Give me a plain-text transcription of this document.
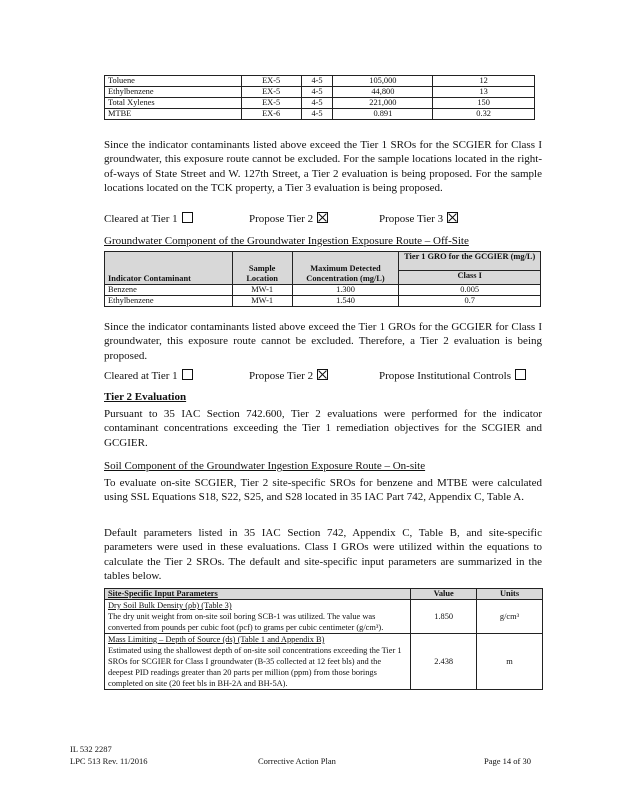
Toluene	EX-5	4-5	105,000	12
Ethylbenzene	EX-5	4-5	44,800	13
Total Xylenes	EX-5	4-5	221,000	150
MTBE	EX-6	4-5	0.891	0.32

Since the indicator contaminants listed above exceed the Tier 1 SROs for the SCGIER for Class I groundwater, this exposure route cannot be excluded. For the sample locations located in the right-of-ways of State Street and W. 127th Street, a Tier 2 evaluation is being proposed. For the sample locations located on the TCK property, a Tier 3 evaluation is being proposed.

Cleared at Tier 1	Propose Tier 2	Propose Tier 3
Groundwater Component of the Groundwater Ingestion Exposure Route – Off-Site
Indicator Contaminant	Sample Location	Maximum Detected Concentration (mg/L)	Tier 1 GRO for the GCGIER (mg/L)
			Class I
Benzene	MW-1	1.300	0.005
Ethylbenzene	MW-1	1.540	0.7

Since the indicator contaminants listed above exceed the Tier 1 GROs for the GCGIER for Class I groundwater, this exposure route cannot be excluded. Therefore, a Tier 2 evaluation is being proposed.

Cleared at Tier 1	Propose Tier 2	Propose Institutional Controls
Tier 2 Evaluation

Pursuant to 35 IAC Section 742.600, Tier 2 evaluations were performed for the indicator contaminant concentrations exceeding the Tier 1 remediation objectives for the SCGIER and GCGIER.

Soil Component of the Groundwater Ingestion Exposure Route – On-site

To evaluate on-site SCGIER, Tier 2 site-specific SROs for benzene and MTBE were calculated using SSL Equations S18, S22, S25, and S28 located in 35 IAC Part 742, Appendix C, Table A.

Default parameters listed in 35 IAC Section 742, Appendix C, Table B, and site-specific parameters were used in these evaluations. Class I GROs were utilized within the equations to calculate the Tier 2 SROs. The default and site-specific input parameters are summarized in the tables below.

Site-Specific Input Parameters	Value	Units

Dry Soil Bulk Density (ρb) (Table 3)
The dry unit weight from on-site soil boring SCB-1 was utilized. The value was converted from pounds per cubic foot (pcf) to grams per cubic centimeter (g/cm³).	1.850	g/cm³

Mass Limiting – Depth of Source (ds) (Table 1 and Appendix B)
Estimated using the shallowest depth of on-site soil concentrations exceeding the Tier 1 SROs for SCGIER for Class I groundwater (B-35 collected at 12 feet bls) and the deepest PID readings greater than 20 parts per million (ppm) from those borings completed on site (20 feet bls in BH-2A and BH-5A).	2.438	m
IL 532 2287
LPC 513 Rev. 11/2016	Corrective Action Plan	Page 14 of 30
